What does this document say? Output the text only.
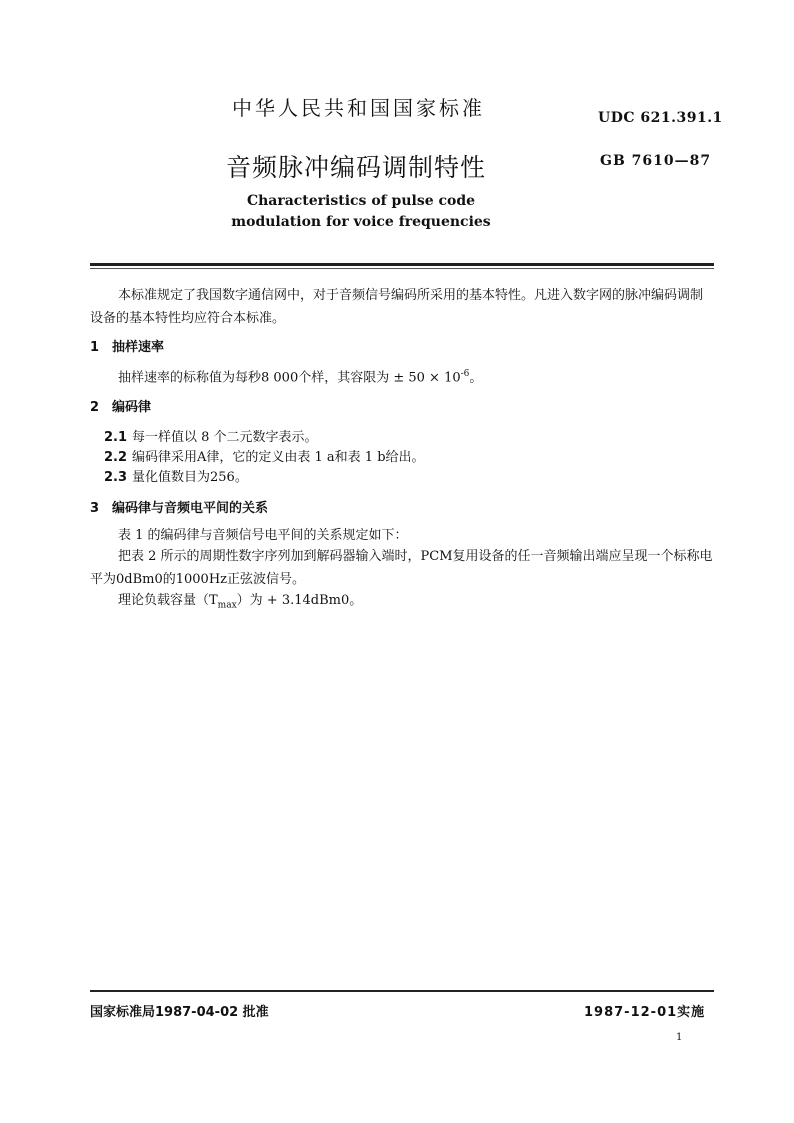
中华人民共和国国家标准	UDC 621.391.1
音频脉冲编码调制特性	GB 7610—87
Characteristics of pulse code
modulation for voice frequencies
本标准规定了我国数字通信网中，对于音频信号编码所采用的基本特性。凡进入数字网的脉冲编码调制设备的基本特性均应符合本标准。
1 抽样速率
抽样速率的标称值为每秒8 000个样，其容限为 ± $50 \times 10^{-6}$。
2 编码律
2.1 每一样值以 8 个二元数字表示。
2.2 编码律采用A律，它的定义由表 1 a和表 1 b给出。
2.3 量化值数目为256。
3 编码律与音频电平间的关系
表 1 的编码律与音频信号电平间的关系规定如下：
把表 2 所示的周期性数字序列加到解码器输入端时，PCM复用设备的任一音频输出端应呈现一个标称电平为0dBm0的1000Hz正弦波信号。
理论负载容量$(T_{max})$为 + 3.14dBm0。
国家标准局1987-04-02 批准	1987-12-01实施
1
